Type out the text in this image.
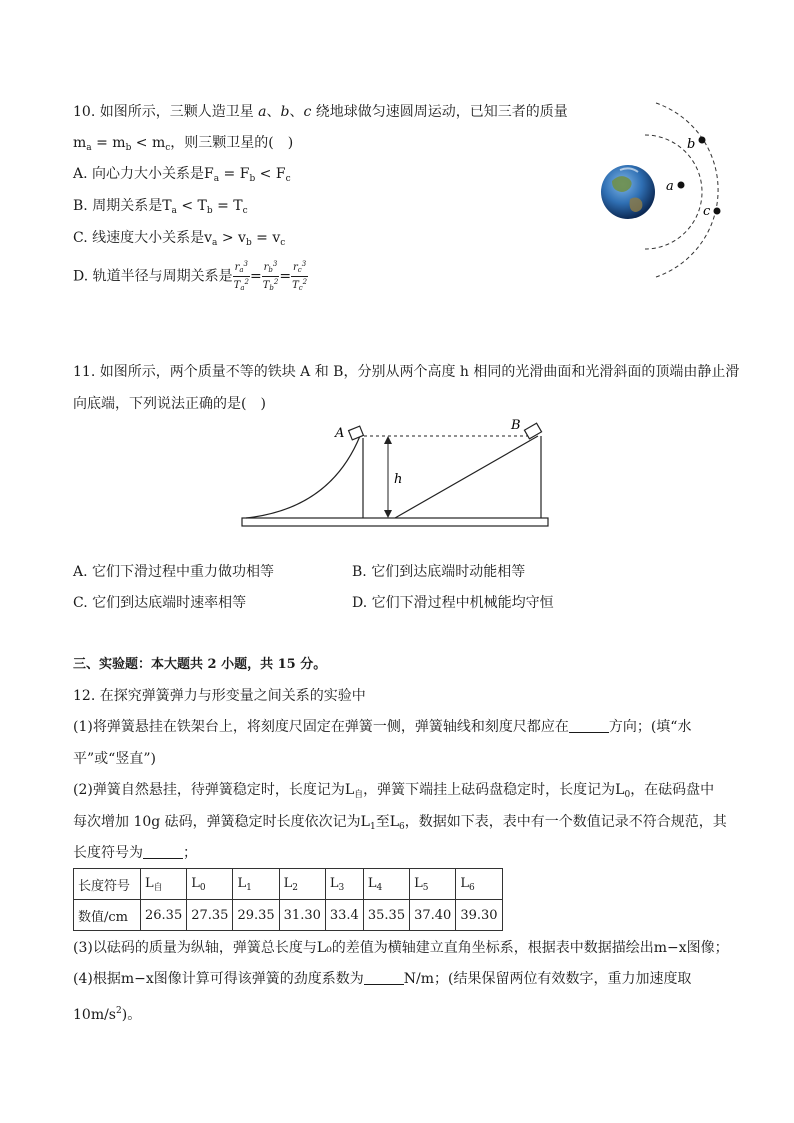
10. 如图所示，三颗人造卫星 a、b、c 绕地球做匀速圆周运动，已知三者的质量
$m_a = m_b < m_c$，则三颗卫星的(　)
A. 向心力大小关系是$F_a = F_b < F_c$
B. 周期关系是$T_a < T_b = T_c$
C. 线速度大小关系是$v_a > v_b = v_c$
D. 轨道半径与周期关系是 $\frac{r_a^3}{T_a^2} = \frac{r_b^3}{T_b^2} = \frac{r_c^3}{T_c^2}$
a
b
c
11. 如图所示，两个质量不等的铁块 A 和 B，分别从两个高度 h 相同的光滑曲面和光滑斜面的顶端由静止滑
向底端，下列说法正确的是(　)
A
h
B
A. 它们下滑过程中重力做功相等	B. 它们到达底端时动能相等
C. 它们到达底端时速率相等	D. 它们下滑过程中机械能均守恒
三、实验题：本大题共 2 小题，共 15 分。
12. 在探究弹簧弹力与形变量之间关系的实验中
(1)将弹簧悬挂在铁架台上，将刻度尺固定在弹簧一侧，弹簧轴线和刻度尺都应在	方向；(填“水
平”或“竖直”)
(2)弹簧自然悬挂，待弹簧稳定时，长度记为$L_自$，弹簧下端挂上砝码盘稳定时，长度记为$L_0$，在砝码盘中
每次增加 10g 砝码，弹簧稳定时长度依次记为$L_1$至$L_6$，数据如下表，表中有一个数值记录不符合规范，其
长度符号为	；
长度符号	$L_自$	$L_0$	$L_1$	$L_2$	$L_3$	$L_4$	$L_5$	$L_6$
数值/cm	26.35	27.35	29.35	31.30	33.4	35.35	37.40	39.30
(3)以砝码的质量为纵轴，弹簧总长度与L₀的差值为横轴建立直角坐标系，根据表中数据描绘出m−x图像；
(4)根据m−x图像计算可得该弹簧的劲度系数为	N/m；(结果保留两位有效数字，重力加速度取
$10m/s^2$)。
